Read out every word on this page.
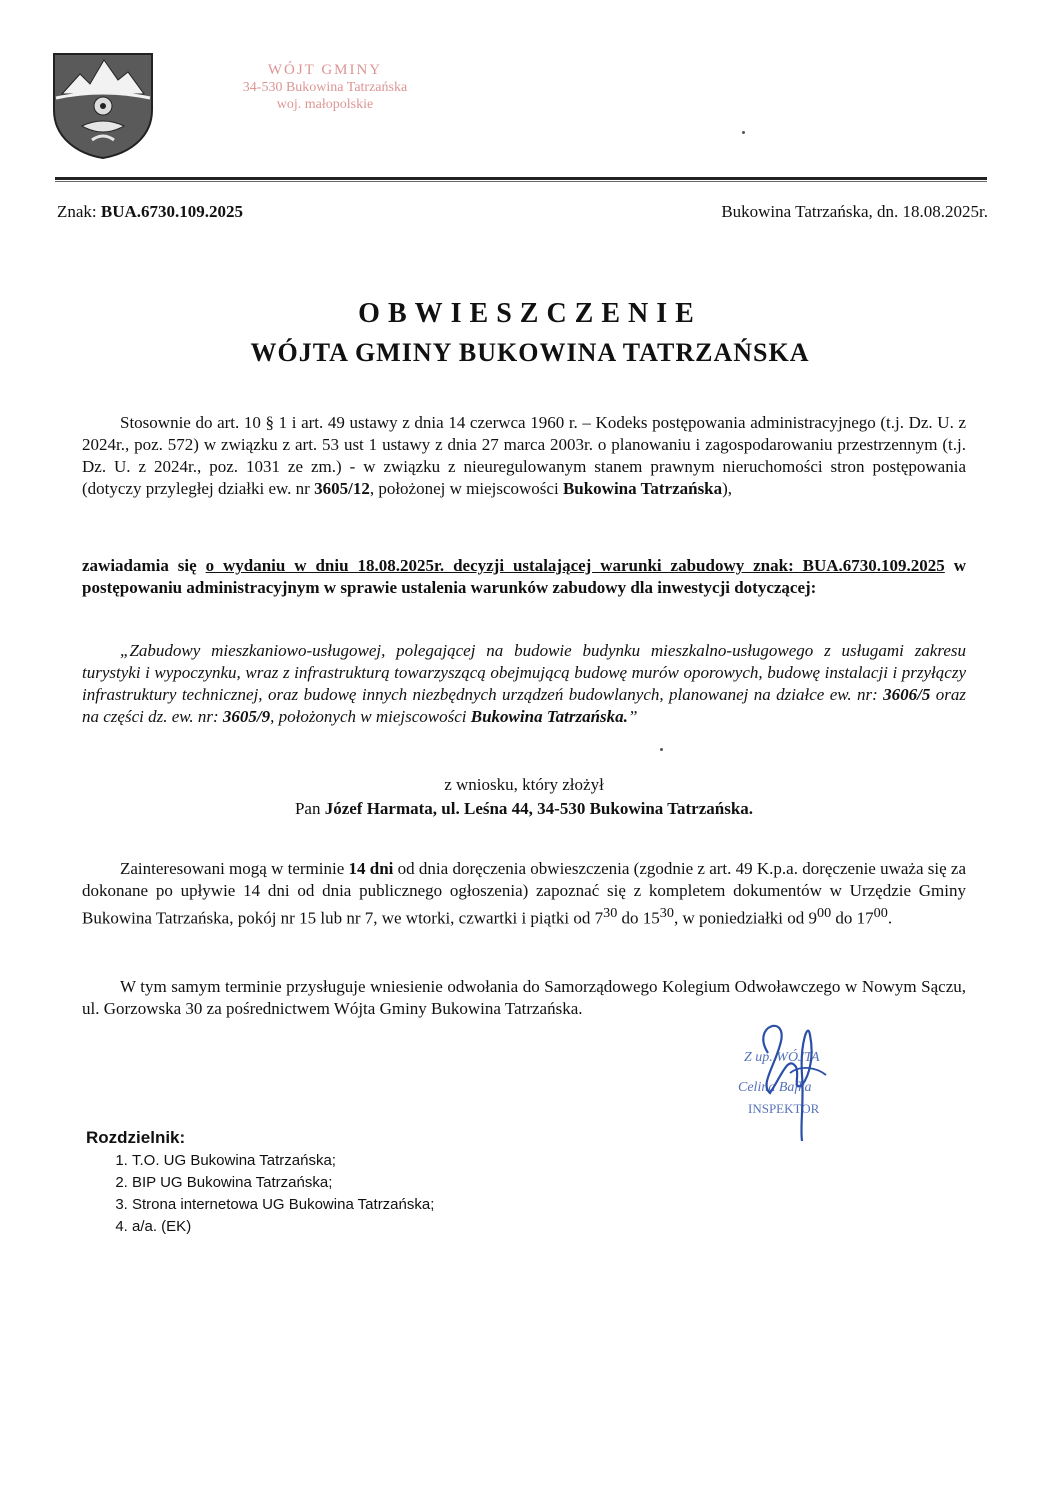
WÓJT GMINY
34-530 Bukowina Tatrzańska
woj. małopolskie
Znak: BUA.6730.109.2025	Bukowina Tatrzańska, dn. 18.08.2025r.
OBWIESZCZENIE
WÓJTA GMINY BUKOWINA TATRZAŃSKA
Stosownie do art. 10 § 1 i art. 49 ustawy z dnia 14 czerwca 1960 r. – Kodeks postępowania administracyjnego (t.j. Dz. U. z 2024r., poz. 572) w związku z art. 53 ust 1 ustawy z dnia 27 marca 2003r. o planowaniu i zagospodarowaniu przestrzennym (t.j. Dz. U. z 2024r., poz. 1031 ze zm.) - w związku z nieuregulowanym stanem prawnym nieruchomości stron postępowania (dotyczy przyległej działki ew. nr 3605/12, położonej w miejscowości Bukowina Tatrzańska),
zawiadamia się o wydaniu w dniu 18.08.2025r. decyzji ustalającej warunki zabudowy znak: BUA.6730.109.2025 w postępowaniu administracyjnym w sprawie ustalenia warunków zabudowy dla inwestycji dotyczącej:
„Zabudowy mieszkaniowo-usługowej, polegającej na budowie budynku mieszkalno-usługowego z usługami zakresu turystyki i wypoczynku, wraz z infrastrukturą towarzyszącą obejmującą budowę murów oporowych, budowę instalacji i przyłączy infrastruktury technicznej, oraz budowę innych niezbędnych urządzeń budowlanych, planowanej na działce ew. nr: 3606/5 oraz na części dz. ew. nr: 3605/9, położonych w miejscowości Bukowina Tatrzańska.”
z wniosku, który złożył
Pan Józef Harmata, ul. Leśna 44, 34-530 Bukowina Tatrzańska.
Zainteresowani mogą w terminie 14 dni od dnia doręczenia obwieszczenia (zgodnie z art. 49 K.p.a. doręczenie uważa się za dokonane po upływie 14 dni od dnia publicznego ogłoszenia) zapoznać się z kompletem dokumentów w Urzędzie Gminy Bukowina Tatrzańska, pokój nr 15 lub nr 7, we wtorki, czwartki i piątki od $7^{30}$ do $15^{30}$, w poniedziałki od $9^{00}$ do $17^{00}$.
W tym samym terminie przysługuje wniesienie odwołania do Samorządowego Kolegium Odwoławczego w Nowym Sączu, ul. Gorzowska 30 za pośrednictwem Wójta Gminy Bukowina Tatrzańska.
Z up. WÓJTA
Celina Bafka
INSPEKTOR
Rozdzielnik:
1. T.O. UG Bukowina Tatrzańska;
2. BIP UG Bukowina Tatrzańska;
3. Strona internetowa UG Bukowina Tatrzańska;
4. a/a. (EK)
